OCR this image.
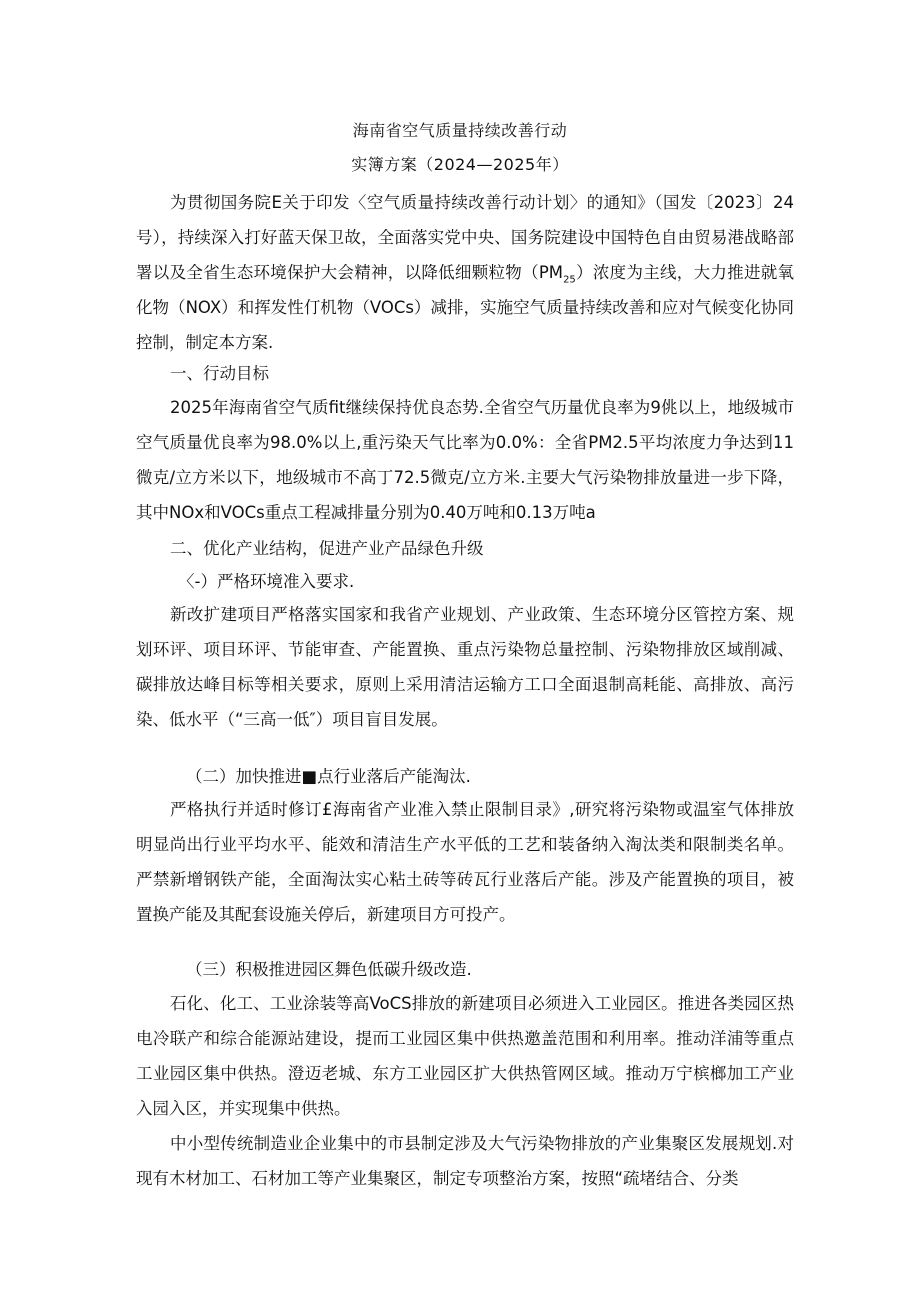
海南省空气质量持续改善行动
实簿方案（2024—2025年）
为贯彻国务院E关于印发〈空气质量持续改善行动计划〉的通知》（国发〔2023〕24号），持续深入打好蓝天保卫故，全面落实党中央、国务院建设中国特色自由贸易港战略部署以及全省生态环境保护大会精神，以降低细颗粒物$(PM_{25})$浓度为主线，大力推进就氧化物（NOX）和挥发性仃机物（VOCs）减排，实施空气质量持续改善和应对气候变化协同控制，制定本方案.
一、行动目标
2025年海南省空气质fit继续保持优良态势.全省空气历量优良率为9佻以上，地级城市空气质量优良率为98.0%以上,重污染天气比率为0.0%：全省PM2.5平均浓度力争达到11微克/立方米以下，地级城市不高丁72.5微克/立方米.主要大气污染物排放量进一步下降，其中NOx和VOCs重点工程减排量分别为0.40万吨和0.13万吨a
二、优化产业结构，促进产业产品绿色升级
〈-）严格环境准入要求.
新改扩建项目严格落实国家和我省产业规划、产业政策、生态环境分区管控方案、规划环评、项目环评、节能审查、产能置换、重点污染物总量控制、污染物排放区域削减、碳排放达峰目标等相关要求，原则上采用清洁运输方工口全面退制高耗能、高排放、高污染、低水平（“三高一低″）项目盲目发展。
（二）加快推进■点行业落后产能淘汰.
严格执行并适时修订£海南省产业准入禁止限制目录》,研究将污染物或温室气体排放明显尚出行业平均水平、能效和清洁生产水平低的工艺和装备纳入淘汰类和限制类名单。严禁新增钢铁产能，全面淘汰实心粘土砖等砖瓦行业落后产能。涉及产能置换的项目，被置换产能及其配套设施关停后，新建项目方可投产。
（三）积极推进园区舞色低碳升级改造.
石化、化工、工业涂装等高VoCS排放的新建项目必须进入工业园区。推进各类园区热电冷联产和综合能源站建设，提而工业园区集中供热邀盖范围和利用率。推动洋浦等重点工业园区集中供热。澄迈老城、东方工业园区扩大供热管网区域。推动万宁槟榔加工产业入园入区，并实现集中供热。
中小型传统制造业企业集中的市县制定涉及大气污染物排放的产业集聚区发展规划.对现有木材加工、石材加工等产业集聚区，制定专项整治方案，按照“疏堵结合、分类
